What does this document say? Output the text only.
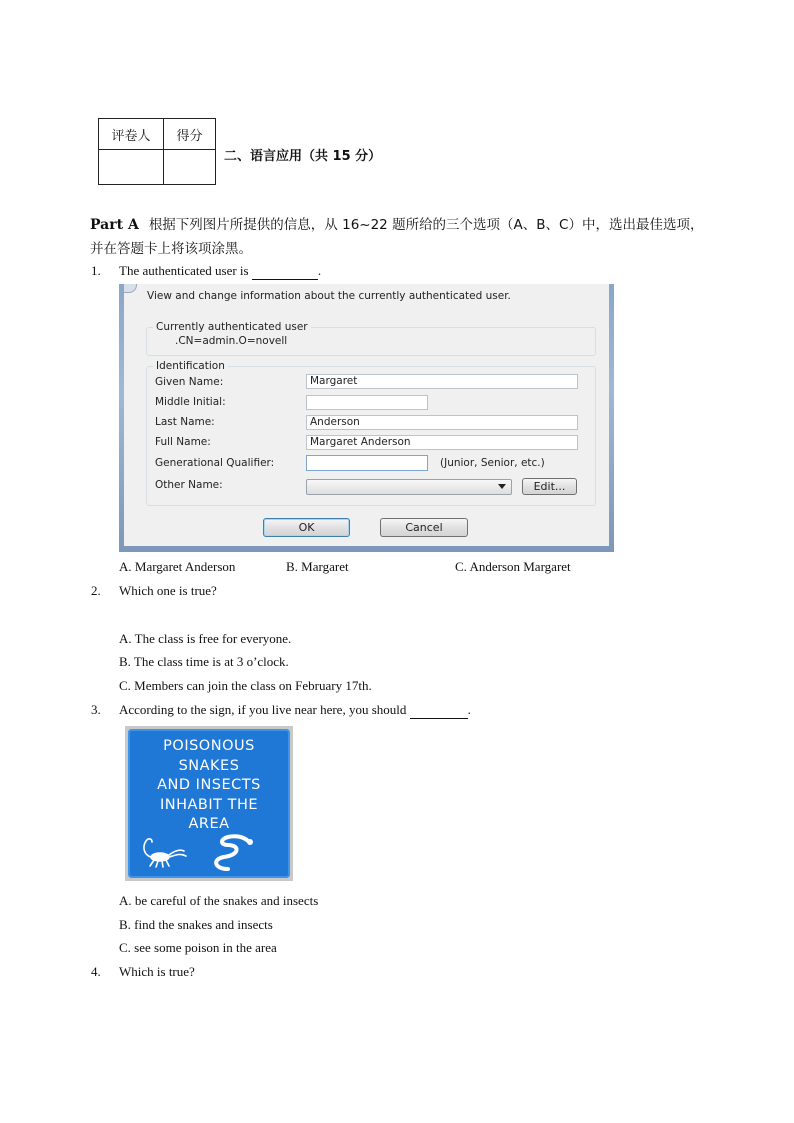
评卷人	得分

二、语言应用（共 15 分）
Part A 根据下列图片所提供的信息，从 16~22 题所给的三个选项（A、B、C）中，选出最佳选项，
并在答题卡上将该项涂黑。
1. The authenticated user is	.
View and change information about the currently authenticated user.
Currently authenticated user
.CN=admin.O=novell
Identification
Given Name:	Margaret
Middle Initial:
Last Name:	Anderson
Full Name:	Margaret Anderson
Generational Qualifier:	(Junior, Senior, etc.)
Other Name:	Edit...
OK	Cancel
A. Margaret Anderson	B. Margaret	C. Anderson Margaret
2. Which one is true?
A. The class is free for everyone.
B. The class time is at 3 o’clock.
C. Members can join the class on February 17th.
3. According to the sign, if you live near here, you should	.
POISONOUS
SNAKES
AND INSECTS
INHABIT THE
AREA
A. be careful of the snakes and insects
B. find the snakes and insects
C. see some poison in the area
4. Which is true?
